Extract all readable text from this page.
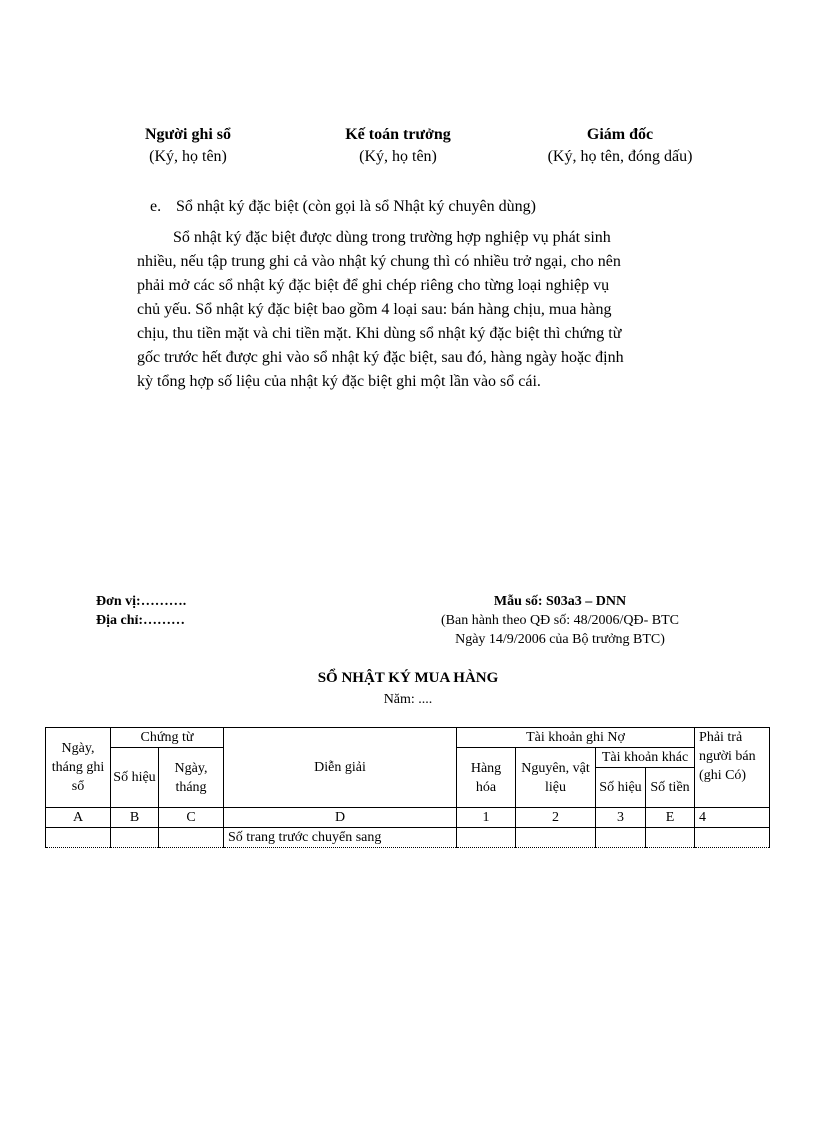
Người ghi sổ
(Ký, họ tên)
Kế toán trưởng
(Ký, họ tên)
Giám đốc
(Ký, họ tên, đóng dấu)
e. Sổ nhật ký đặc biệt (còn gọi là sổ Nhật ký chuyên dùng)
Sổ nhật ký đặc biệt được dùng trong trường hợp nghiệp vụ phát sinh
nhiều, nếu tập trung ghi cả vào nhật ký chung thì có nhiều trở ngại, cho nên
phải mở các sổ nhật ký đặc biệt để ghi chép riêng cho từng loại nghiệp vụ
chủ yếu. Sổ nhật ký đặc biệt bao gồm 4 loại sau: bán hàng chịu, mua hàng
chịu, thu tiền mặt và chi tiền mặt. Khi dùng sổ nhật ký đặc biệt thì chứng từ
gốc trước hết được ghi vào sổ nhật ký đặc biệt, sau đó, hàng ngày hoặc định
kỳ tổng hợp số liệu của nhật ký đặc biệt ghi một lần vào sổ cái.
Đơn vị:……….
Địa chỉ:………
Mẫu số: S03a3 – DNN
(Ban hành theo QĐ số: 48/2006/QĐ- BTC
Ngày 14/9/2006 của Bộ trưởng BTC)
SỔ NHẬT KÝ MUA HÀNG
Năm: ....
Ngày, tháng ghi sổ	Chứng từ		Diễn giải	Tài khoản ghi Nợ				Phải trả người bán (ghi Có)
	Số hiệu	Ngày, tháng		Hàng hóa	Nguyên, vật liệu	Tài khoản khác		
						Số hiệu	Số tiền	
A	B	C	D	1	2	3	E	4
			Số trang trước chuyển sang					
